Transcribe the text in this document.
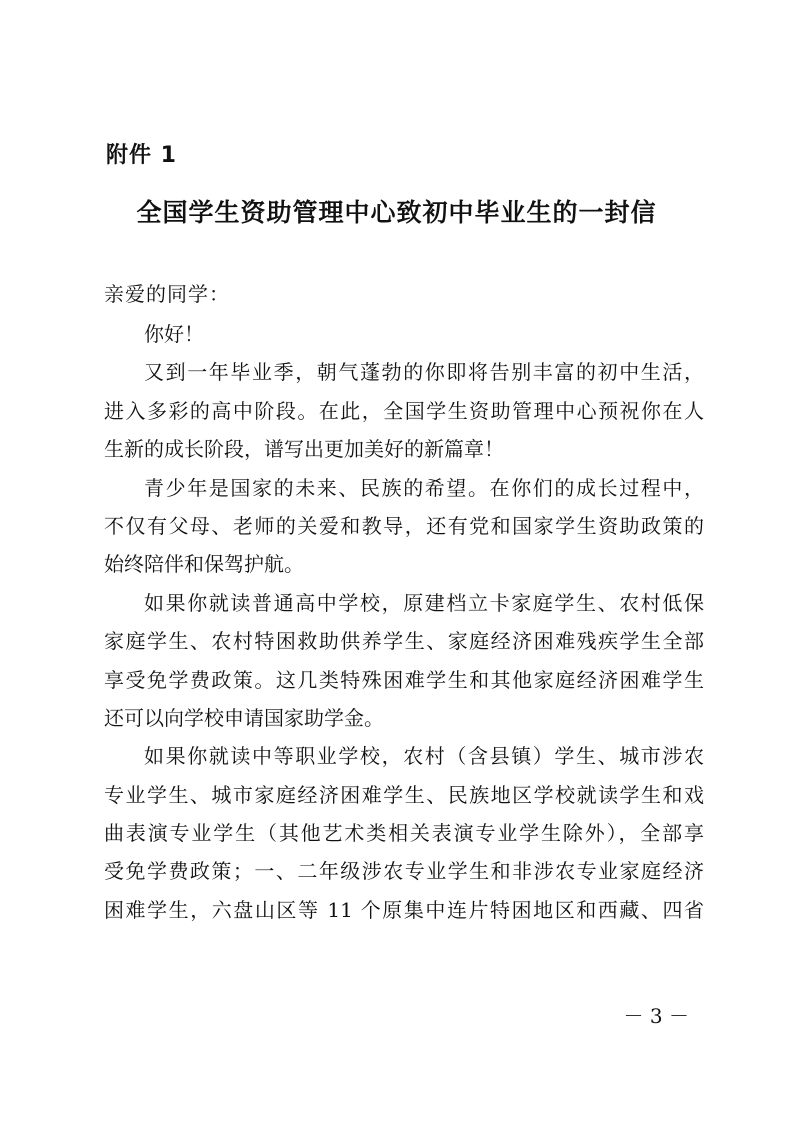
附件 1
全国学生资助管理中心致初中毕业生的一封信
亲爱的同学：
你好！
又到一年毕业季，朝气蓬勃的你即将告别丰富的初中生活，
进入多彩的高中阶段。在此，全国学生资助管理中心预祝你在人
生新的成长阶段，谱写出更加美好的新篇章！
青少年是国家的未来、民族的希望。在你们的成长过程中，
不仅有父母、老师的关爱和教导，还有党和国家学生资助政策的
始终陪伴和保驾护航。
如果你就读普通高中学校，原建档立卡家庭学生、农村低保
家庭学生、农村特困救助供养学生、家庭经济困难残疾学生全部
享受免学费政策。这几类特殊困难学生和其他家庭经济困难学生
还可以向学校申请国家助学金。
如果你就读中等职业学校，农村（含县镇）学生、城市涉农
专业学生、城市家庭经济困难学生、民族地区学校就读学生和戏
曲表演专业学生（其他艺术类相关表演专业学生除外），全部享
受免学费政策；一、二年级涉农专业学生和非涉农专业家庭经济
困难学生，六盘山区等 11 个原集中连片特困地区和西藏、四省
－ 3 －
